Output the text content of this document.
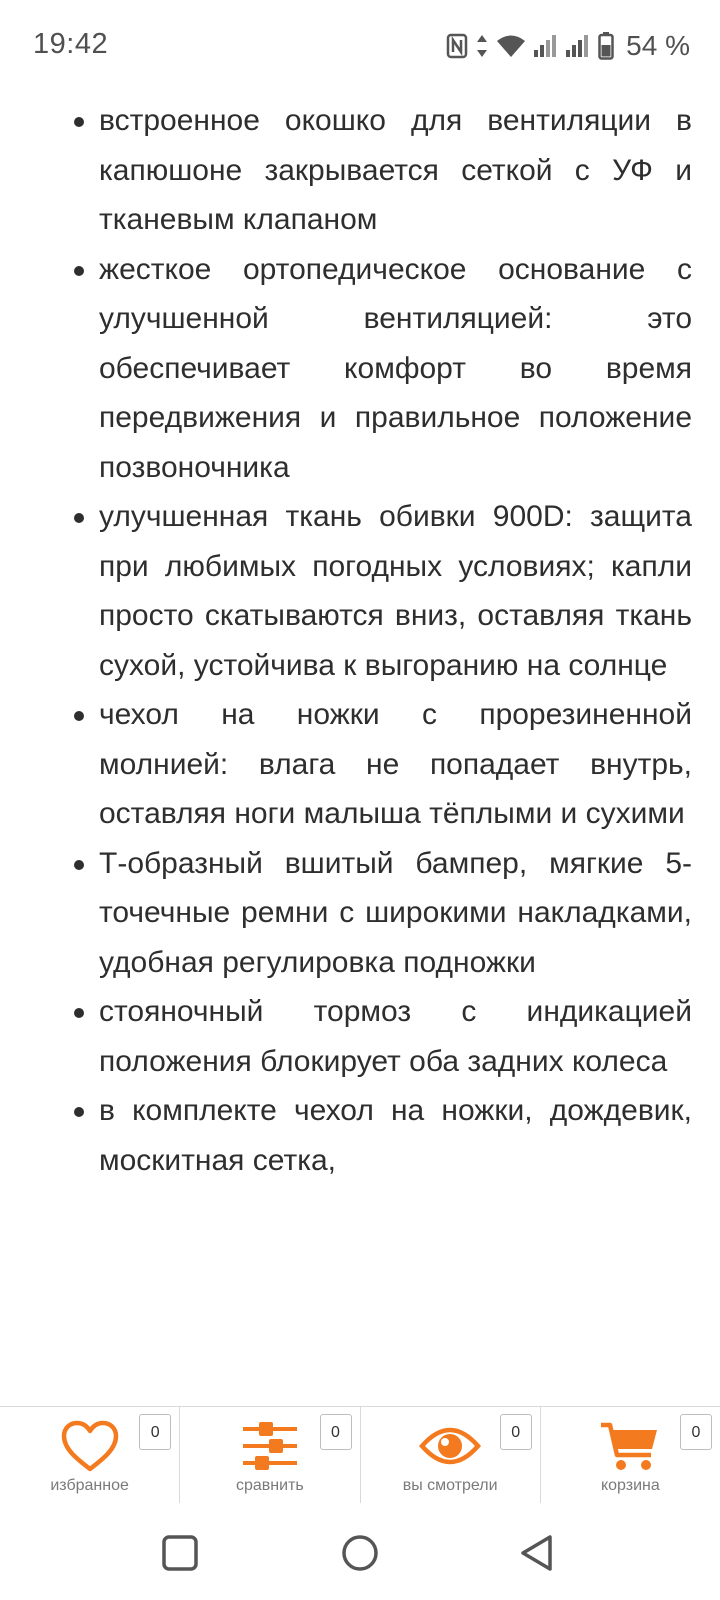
19:42	54 %
встроенное окошко для вентиляции в капюшоне закрывается сеткой с УФ и тканевым клапаном
жесткое ортопедическое основание с улучшенной вентиляцией: это обеспечивает комфорт во время передвижения и правильное положение позвоночника
улучшенная ткань обивки 900D: защита при любимых погодных условиях; капли просто скатываются вниз, оставляя ткань сухой, устойчива к выгоранию на солнце
чехол на ножки с прорезиненной молнией: влага не попадает внутрь, оставляя ноги малыша тёплыми и сухими
Т-образный вшитый бампер, мягкие 5-точечные ремни с широкими накладками, удобная регулировка подножки
стояночный тормоз с индикацией положения блокирует оба задних колеса
в комплекте чехол на ножки, дождевик, москитная сетка,
0
избранное
0
сравнить
0
вы смотрели
0
корзина
